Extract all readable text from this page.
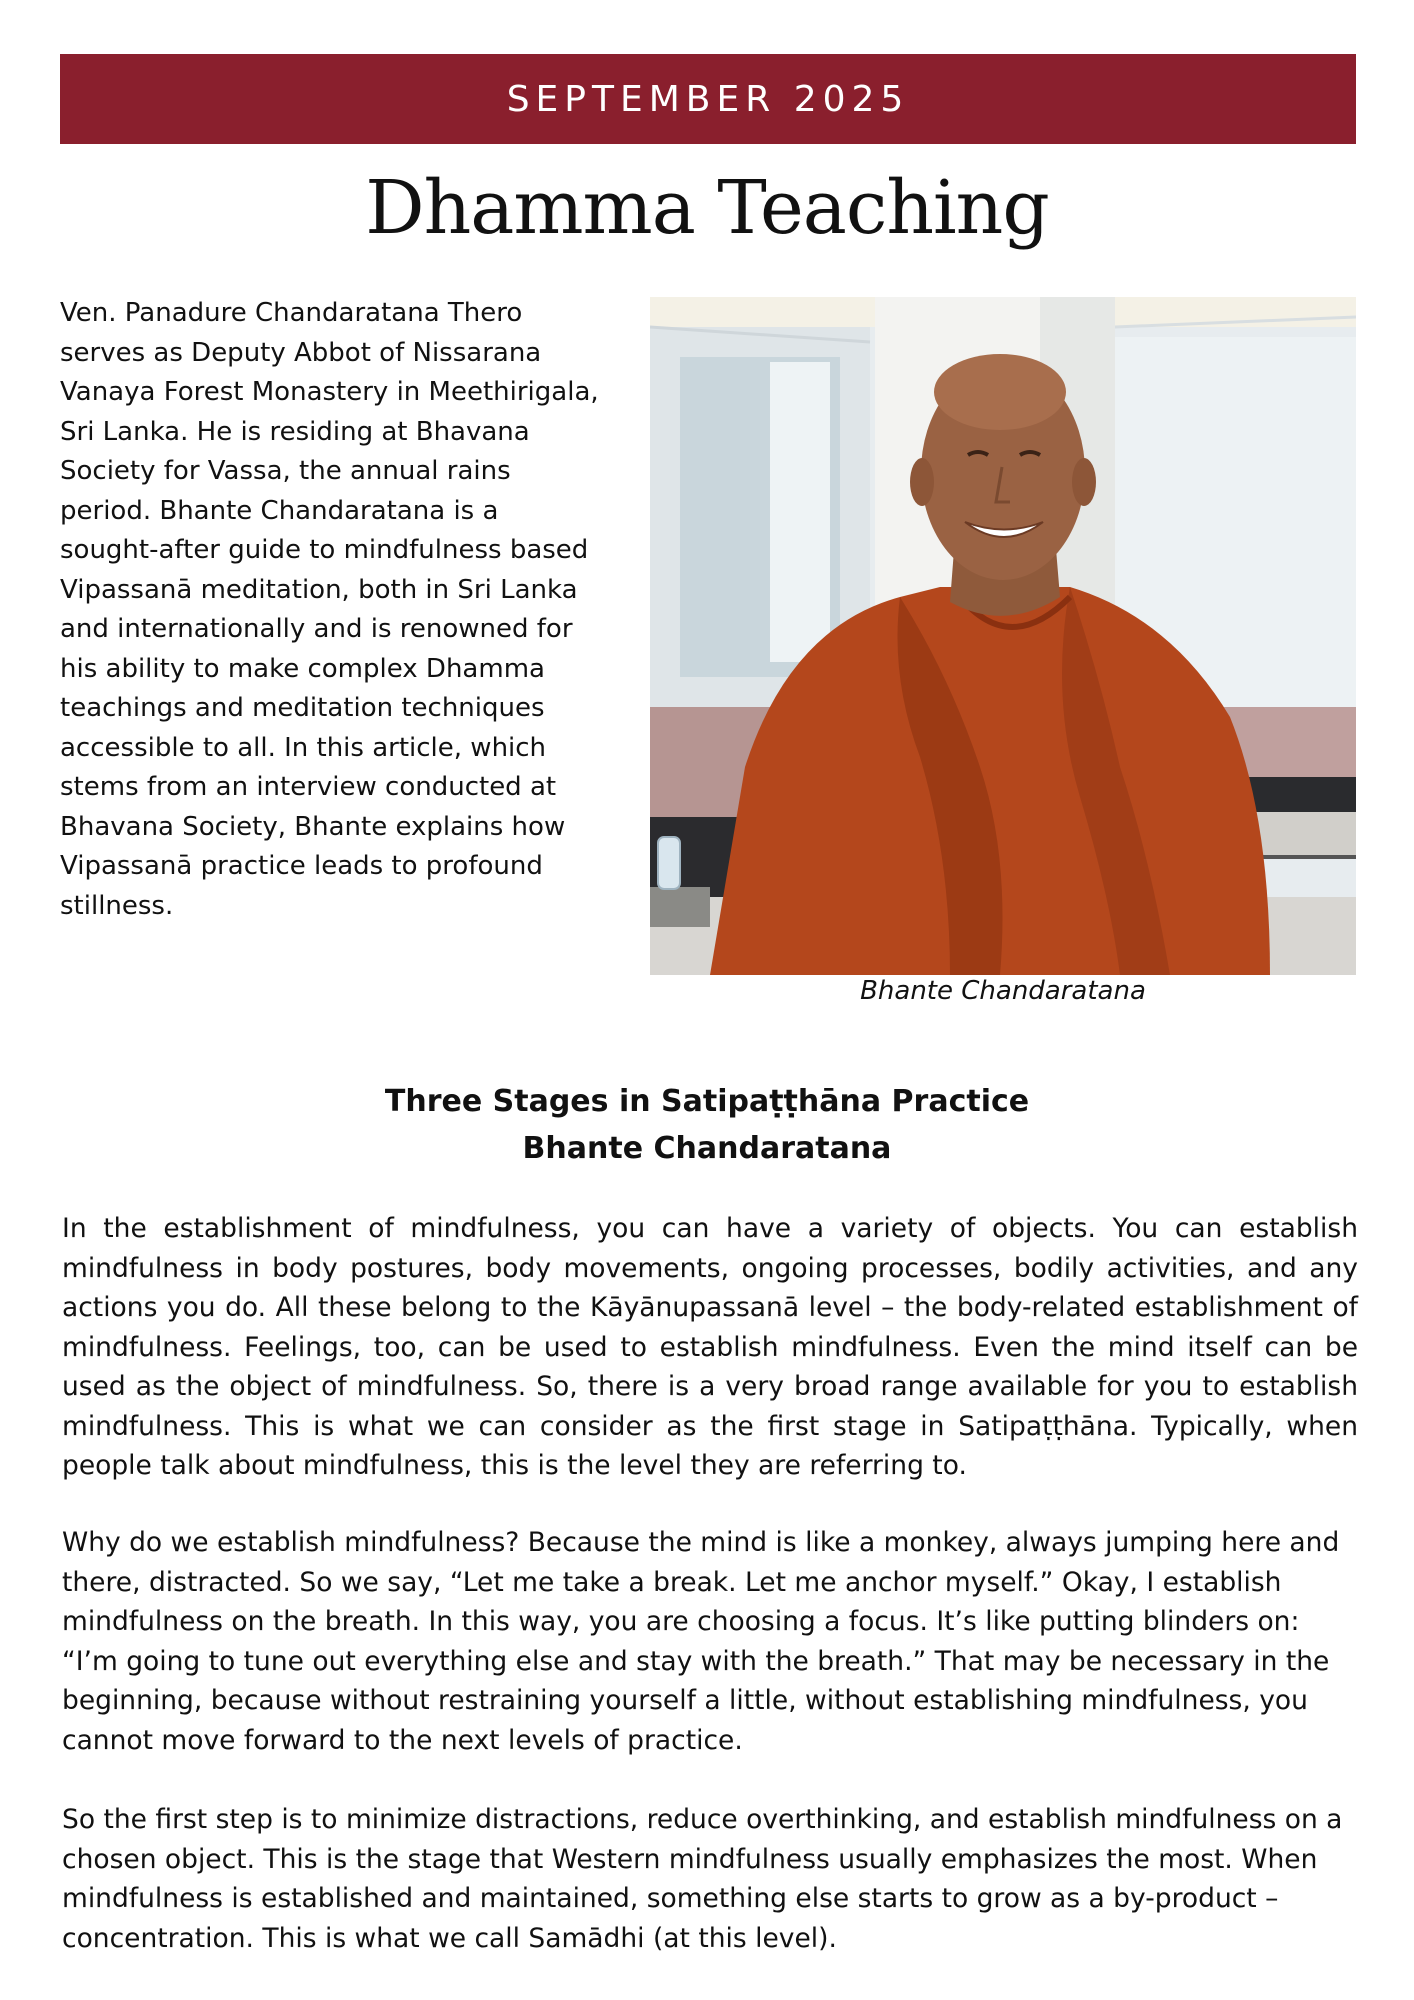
SEPTEMBER 2025
Dhamma Teaching
Ven. Panadure Chandaratana Thero serves as Deputy Abbot of Nissarana Vanaya Forest Monastery in Meethirigala, Sri Lanka. He is residing at Bhavana Society for Vassa, the annual rains period. Bhante Chandaratana is a sought-after guide to mindfulness based Vipassanā meditation, both in Sri Lanka and internationally and is renowned for his ability to make complex Dhamma teachings and meditation techniques accessible to all. In this article, which stems from an interview conducted at Bhavana Society, Bhante explains how Vipassanā practice leads to profound stillness.
Bhante Chandaratana
Three Stages in Satipaṭṭhāna Practice
Bhante Chandaratana
In the establishment of mindfulness, you can have a variety of objects. You can establish mindfulness in body postures, body movements, ongoing processes, bodily activities, and any actions you do. All these belong to the Kāyānupassanā level – the body-related establishment of mindfulness. Feelings, too, can be used to establish mindfulness. Even the mind itself can be used as the object of mindfulness. So, there is a very broad range available for you to establish mindfulness. This is what we can consider as the first stage in Satipaṭṭhāna. Typically, when people talk about mindfulness, this is the level they are referring to.
Why do we establish mindfulness? Because the mind is like a monkey, always jumping here and there, distracted. So we say, “Let me take a break. Let me anchor myself.” Okay, I establish mindfulness on the breath. In this way, you are choosing a focus. It’s like putting blinders on: “I’m going to tune out everything else and stay with the breath.” That may be necessary in the beginning, because without restraining yourself a little, without establishing mindfulness, you cannot move forward to the next levels of practice.
So the first step is to minimize distractions, reduce overthinking, and establish mindfulness on a chosen object. This is the stage that Western mindfulness usually emphasizes the most. When mindfulness is established and maintained, something else starts to grow as a by-product – concentration. This is what we call Samādhi (at this level).
